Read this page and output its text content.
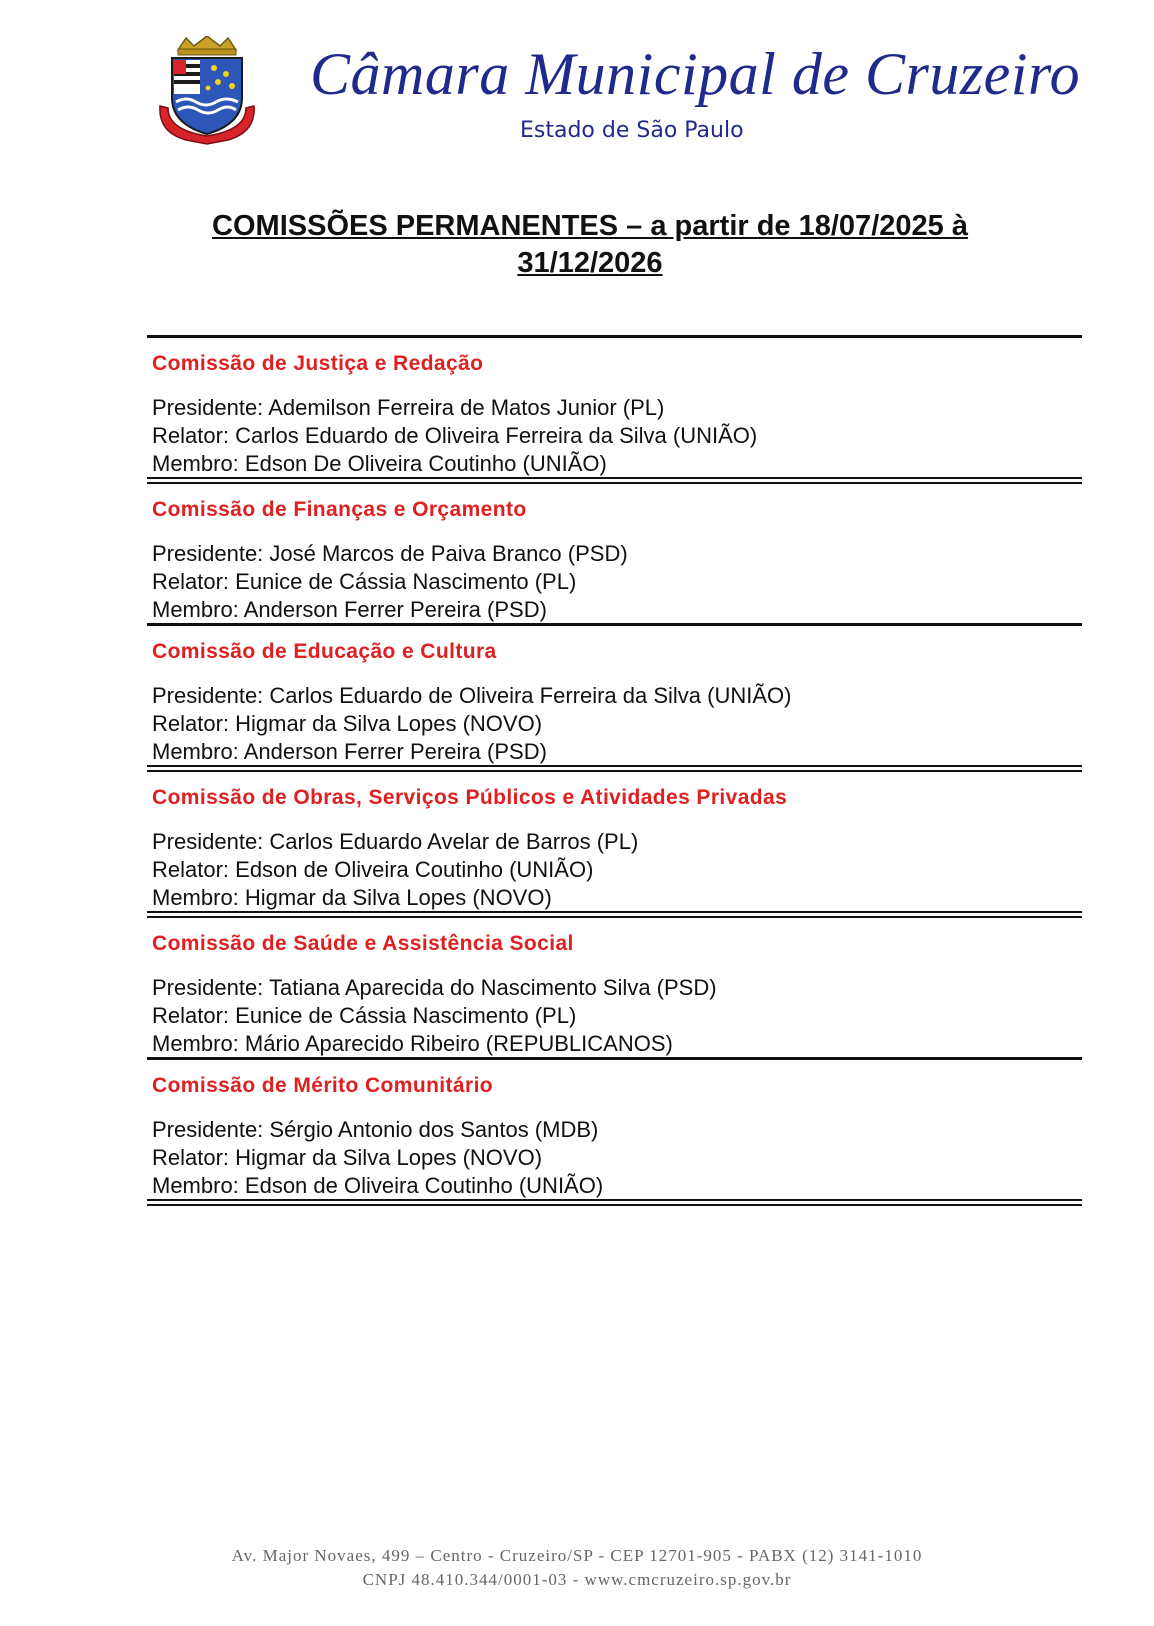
Câmara Municipal de Cruzeiro
Estado de São Paulo
COMISSÕES PERMANENTES – a partir de 18/07/2025 à
31/12/2026
Comissão de Justiça e Redação
Presidente: Ademilson Ferreira de Matos Junior (PL)
Relator: Carlos Eduardo de Oliveira Ferreira da Silva (UNIÃO)
Membro: Edson De Oliveira Coutinho (UNIÃO)
Comissão de Finanças e Orçamento
Presidente: José Marcos de Paiva Branco (PSD)
Relator: Eunice de Cássia Nascimento (PL)
Membro: Anderson Ferrer Pereira (PSD)
Comissão de Educação e Cultura
Presidente: Carlos Eduardo de Oliveira Ferreira da Silva (UNIÃO)
Relator: Higmar da Silva Lopes (NOVO)
Membro: Anderson Ferrer Pereira (PSD)
Comissão de Obras, Serviços Públicos e Atividades Privadas
Presidente: Carlos Eduardo Avelar de Barros (PL)
Relator: Edson de Oliveira Coutinho (UNIÃO)
Membro: Higmar da Silva Lopes (NOVO)
Comissão de Saúde e Assistência Social
Presidente: Tatiana Aparecida do Nascimento Silva (PSD)
Relator: Eunice de Cássia Nascimento (PL)
Membro: Mário Aparecido Ribeiro (REPUBLICANOS)
Comissão de Mérito Comunitário
Presidente: Sérgio Antonio dos Santos (MDB)
Relator: Higmar da Silva Lopes (NOVO)
Membro: Edson de Oliveira Coutinho (UNIÃO)
Av. Major Novaes, 499 – Centro - Cruzeiro/SP - CEP 12701-905 - PABX (12) 3141-1010
CNPJ 48.410.344/0001-03 - www.cmcruzeiro.sp.gov.br
